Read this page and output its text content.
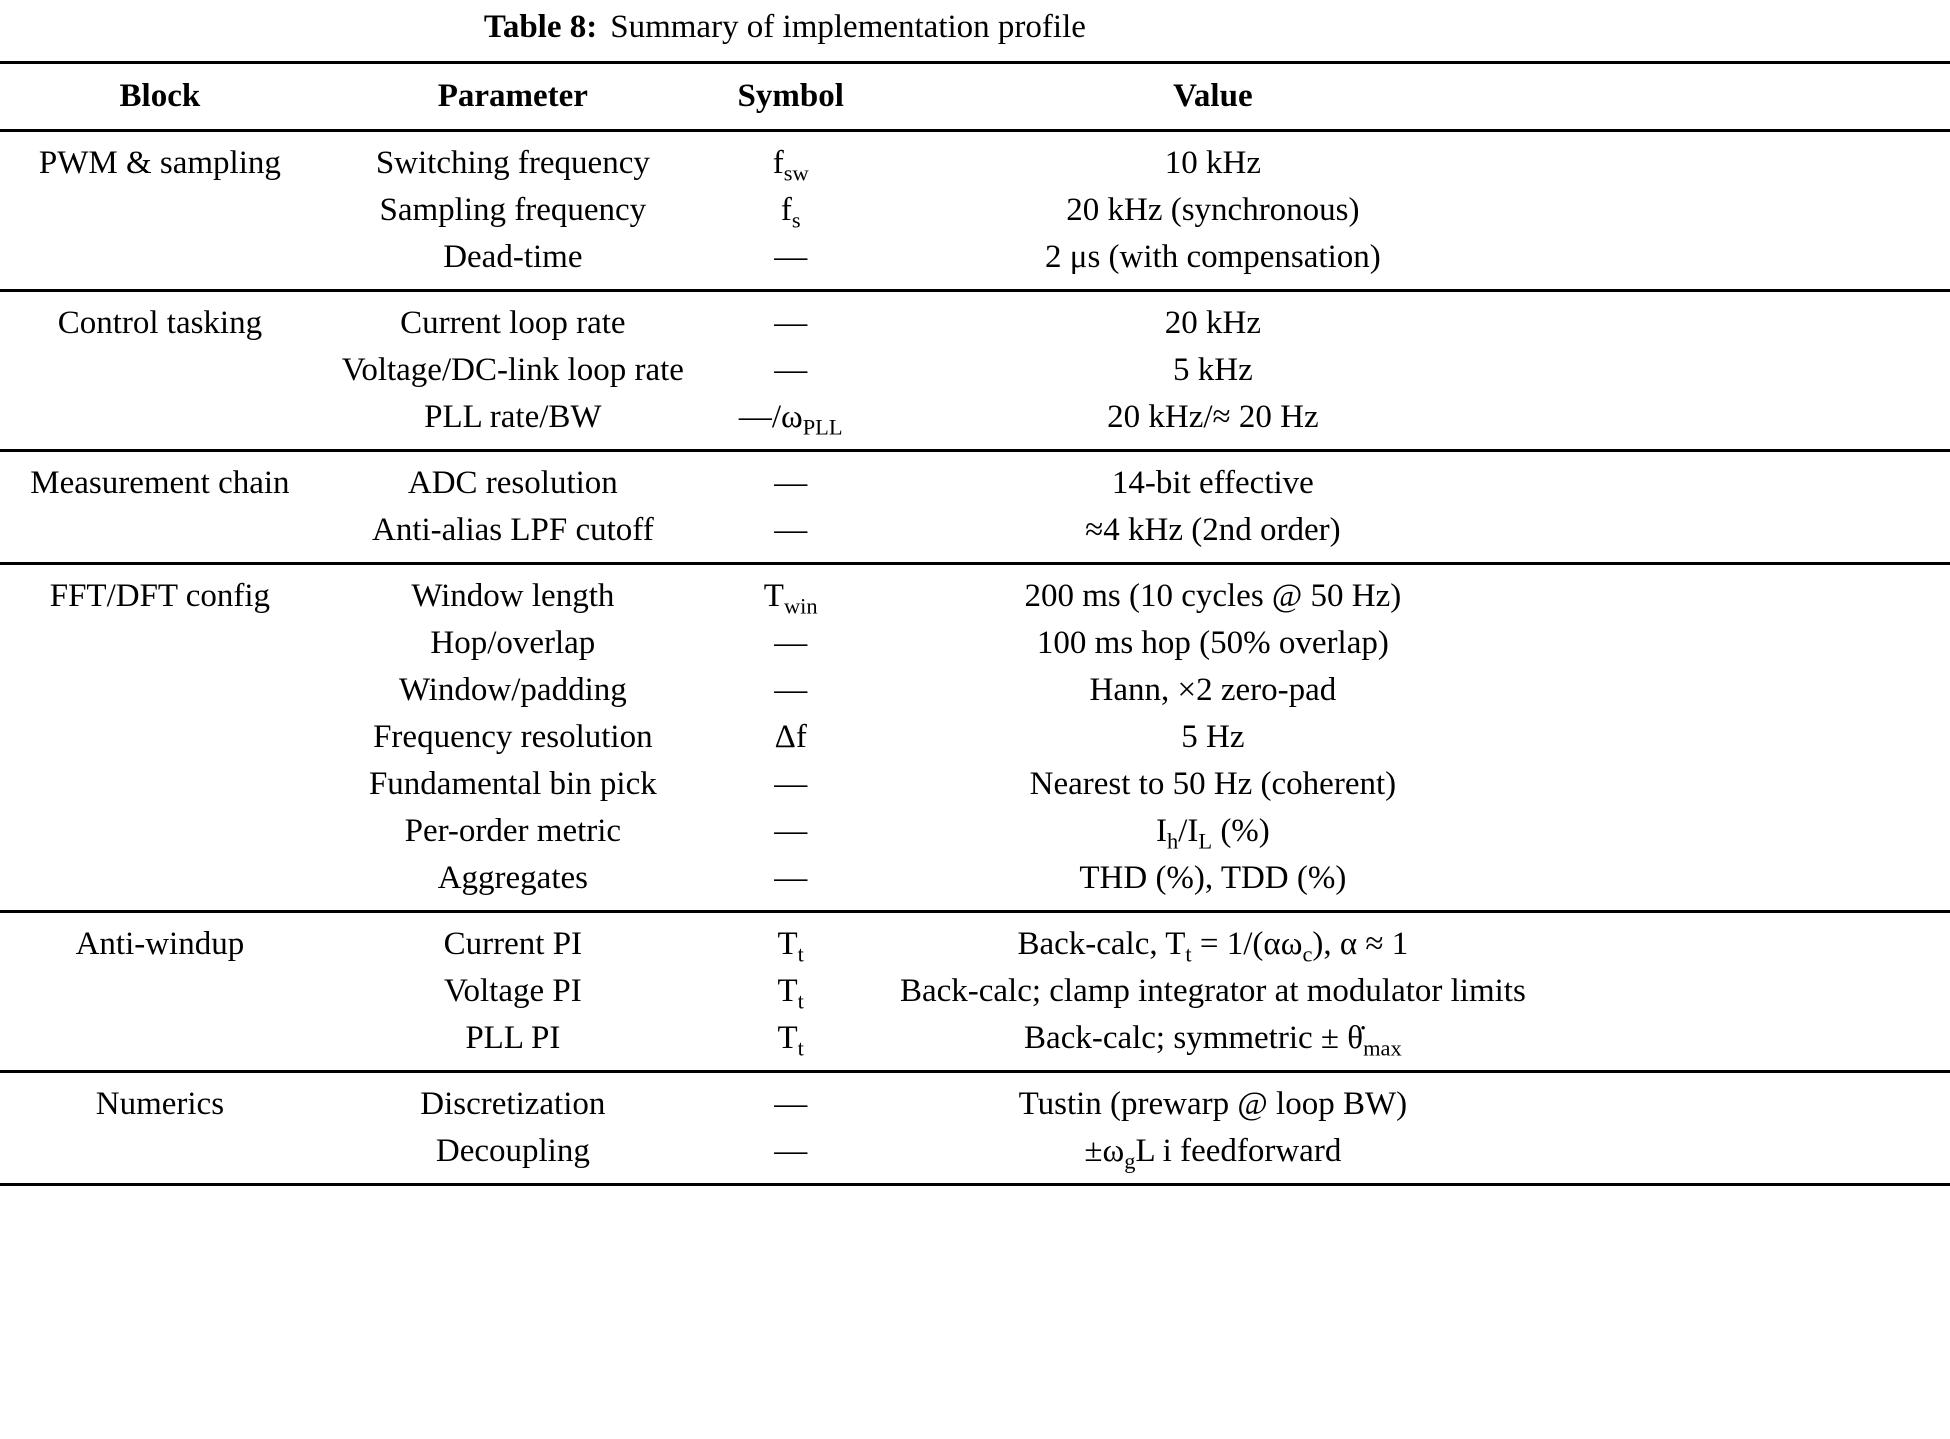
Table 8: Summary of implementation profile
Block	Parameter	Symbol	Value	
PWM & sampling	Switching frequency	$f_{sw}$	10 kHz	
	Sampling frequency	$f_s$	20 kHz (synchronous)	
	Dead-time	—	2 μs (with compensation)	
Control tasking	Current loop rate	—	20 kHz	
	Voltage/DC-link loop rate	—	5 kHz	
	PLL rate/BW	$—/\omega_{PLL}$	20 kHz/≈ 20 Hz	
Measurement chain	ADC resolution	—	14-bit effective	
	Anti-alias LPF cutoff	—	≈4 kHz (2nd order)	
FFT/DFT config	Window length	$T_{win}$	200 ms (10 cycles @ 50 Hz)	
	Hop/overlap	—	100 ms hop (50% overlap)	
	Window/padding	—	Hann, ×2 zero-pad	
	Frequency resolution	Δf	5 Hz	
	Fundamental bin pick	—	Nearest to 50 Hz (coherent)	
	Per-order metric	—	$I_h/I_L$ (%)	
	Aggregates	—	THD (%), TDD (%)	
Anti-windup	Current PI	$T_t$	Back-calc, $T_t = 1/(\alpha\omega_c)$, α ≈ 1	
	Voltage PI	$T_t$	Back-calc; clamp integrator at modulator limits	
	PLL PI	$T_t$	Back-calc; symmetric ± $\thetȧ_{max}$	
Numerics	Discretization	—	Tustin (prewarp @ loop BW)	
	Decoupling	—	$\pm\omega_gL$ i feedforward	
